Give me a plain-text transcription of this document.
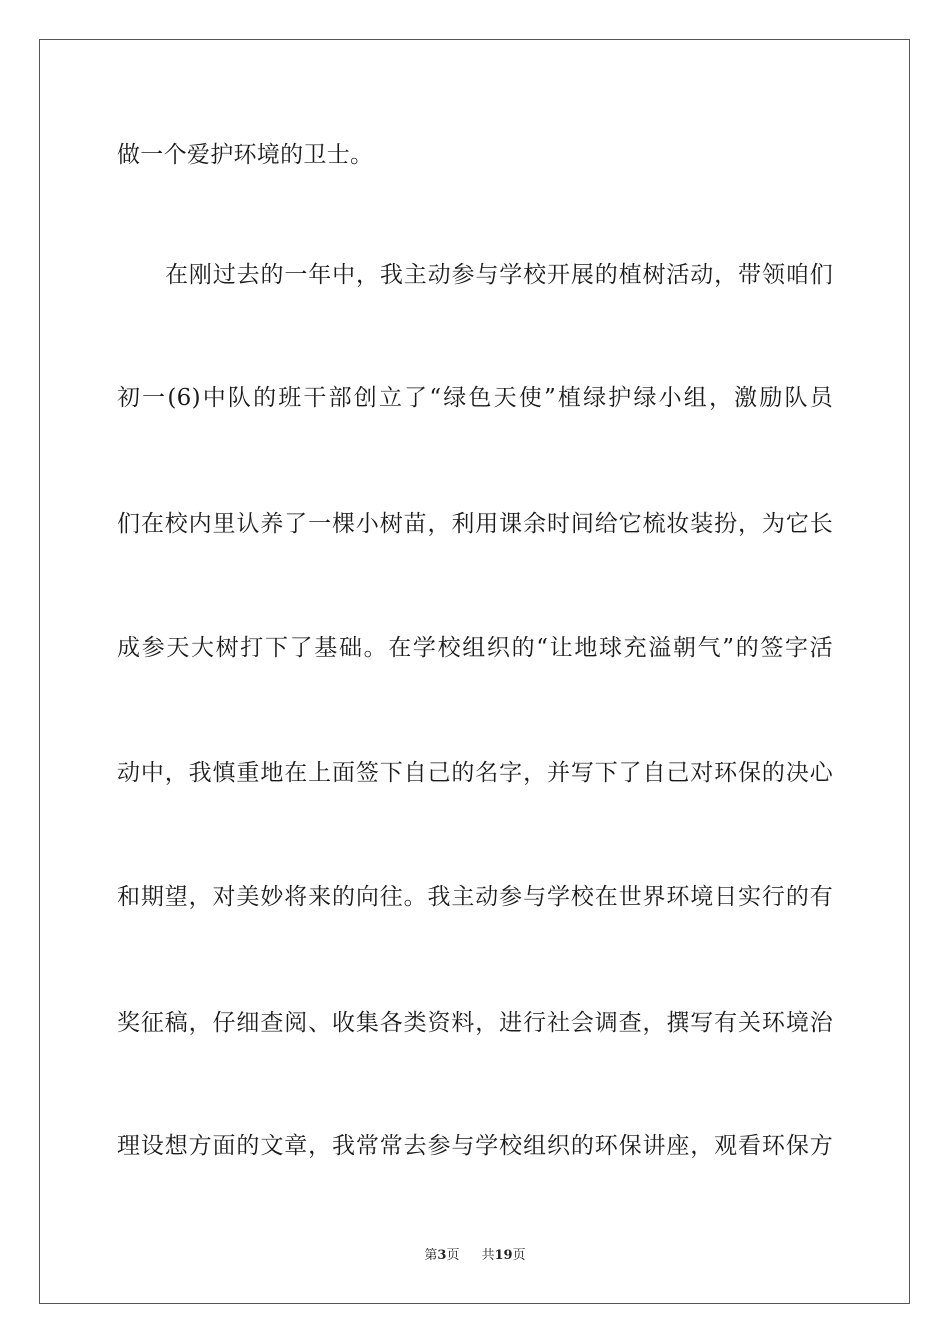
做一个爱护环境的卫士。
在刚过去的一年中，我主动参与学校开展的植树活动，带领咱们
初一(6)中队的班干部创立了“绿色天使”植绿护绿小组，激励队员
们在校内里认养了一棵小树苗，利用课余时间给它梳妆装扮，为它长
成参天大树打下了基础。在学校组织的“让地球充溢朝气”的签字活
动中，我慎重地在上面签下自己的名字，并写下了自己对环保的决心
和期望，对美妙将来的向往。我主动参与学校在世界环境日实行的有
奖征稿，仔细查阅、收集各类资料，进行社会调查，撰写有关环境治
理设想方面的文章，我常常去参与学校组织的环保讲座，观看环保方
第3页 共19页
